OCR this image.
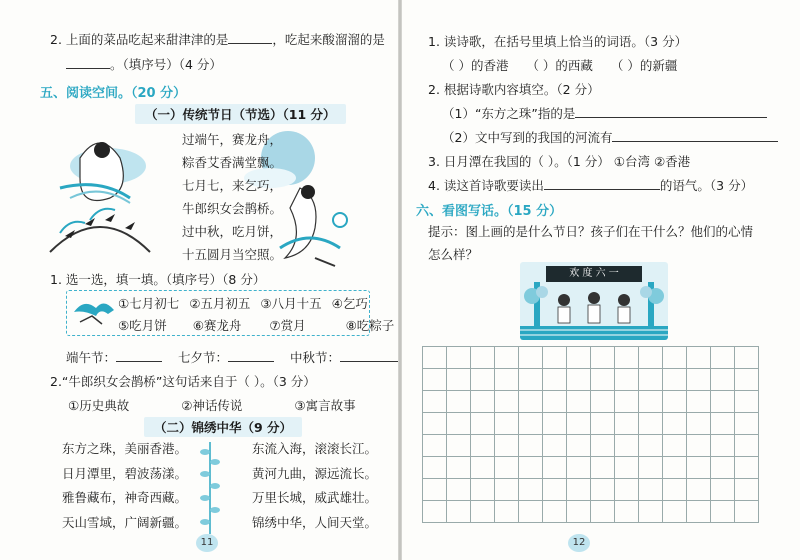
2. 上面的菜品吃起来甜津津的是	，吃起来酸溜溜的是
。（填序号）（4 分）
五、阅读空间。（20 分）
（一）传统节日（节选）（11 分）
过端午，赛龙舟，
粽香艾香满堂飘。
七月七，来乞巧，
牛郎织女会鹊桥。
过中秋，吃月饼，
十五圆月当空照。
1. 选一选，填一填。（填序号）（8 分）
①七月初七 ②五月初五 ③八月十五 ④乞巧
⑤吃月饼 ⑥赛龙舟 ⑦赏月	⑧吃粽子
端午节：	七夕节：	中秋节：
2.“牛郎织女会鹊桥”这句话来自于（ ）。（3 分）
①历史典故	②神话传说	③寓言故事
（二）锦绣中华（9 分）
东方之珠，美丽香港。
日月潭里，碧波荡漾。
雅鲁藏布，神奇西藏。
天山雪域，广阔新疆。
东流入海，滚滚长江。
黄河九曲，源远流长。
万里长城，威武雄壮。
锦绣中华，人间天堂。
11
1. 读诗歌，在括号里填上恰当的词语。（3 分）
（ ）的香港 （ ）的西藏 （ ）的新疆
2. 根据诗歌内容填空。（2 分）
（1）“东方之珠”指的是
（2）文中写到的我国的河流有
3. 日月潭在我国的（ ）。（1 分） ①台湾 ②香港
4. 读这首诗歌要读出	的语气。（3 分）
六、看图写话。（15 分）
提示：图上画的是什么节日？孩子们在干什么？他们的心情
怎么样？
欢 度 六 一
12
